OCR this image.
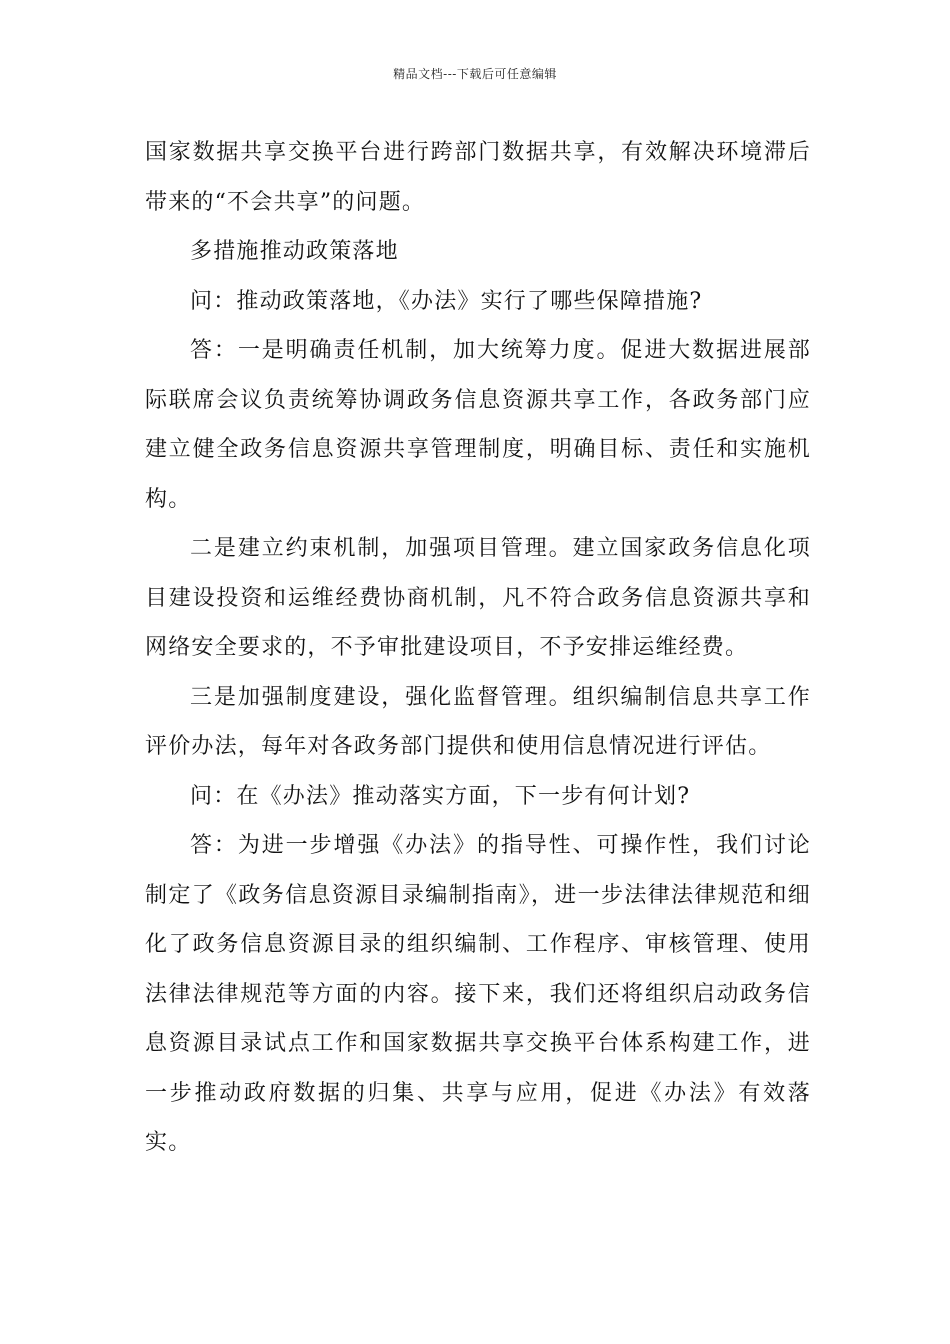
精品文档---下载后可任意编辑

国家数据共享交换平台进行跨部门数据共享，有效解决环境滞后带来的“不会共享”的问题。

多措施推动政策落地

问：推动政策落地，《办法》实行了哪些保障措施?

答：一是明确责任机制，加大统筹力度。促进大数据进展部际联席会议负责统筹协调政务信息资源共享工作，各政务部门应建立健全政务信息资源共享管理制度，明确目标、责任和实施机构。

二是建立约束机制，加强项目管理。建立国家政务信息化项目建设投资和运维经费协商机制，凡不符合政务信息资源共享和网络安全要求的，不予审批建设项目，不予安排运维经费。

三是加强制度建设，强化监督管理。组织编制信息共享工作评价办法，每年对各政务部门提供和使用信息情况进行评估。

问：在《办法》推动落实方面，下一步有何计划?

答：为进一步增强《办法》的指导性、可操作性，我们讨论制定了《政务信息资源目录编制指南》，进一步法律法律规范和细化了政务信息资源目录的组织编制、工作程序、审核管理、使用法律法律规范等方面的内容。接下来，我们还将组织启动政务信息资源目录试点工作和国家数据共享交换平台体系构建工作，进一步推动政府数据的归集、共享与应用，促进《办法》有效落实。
